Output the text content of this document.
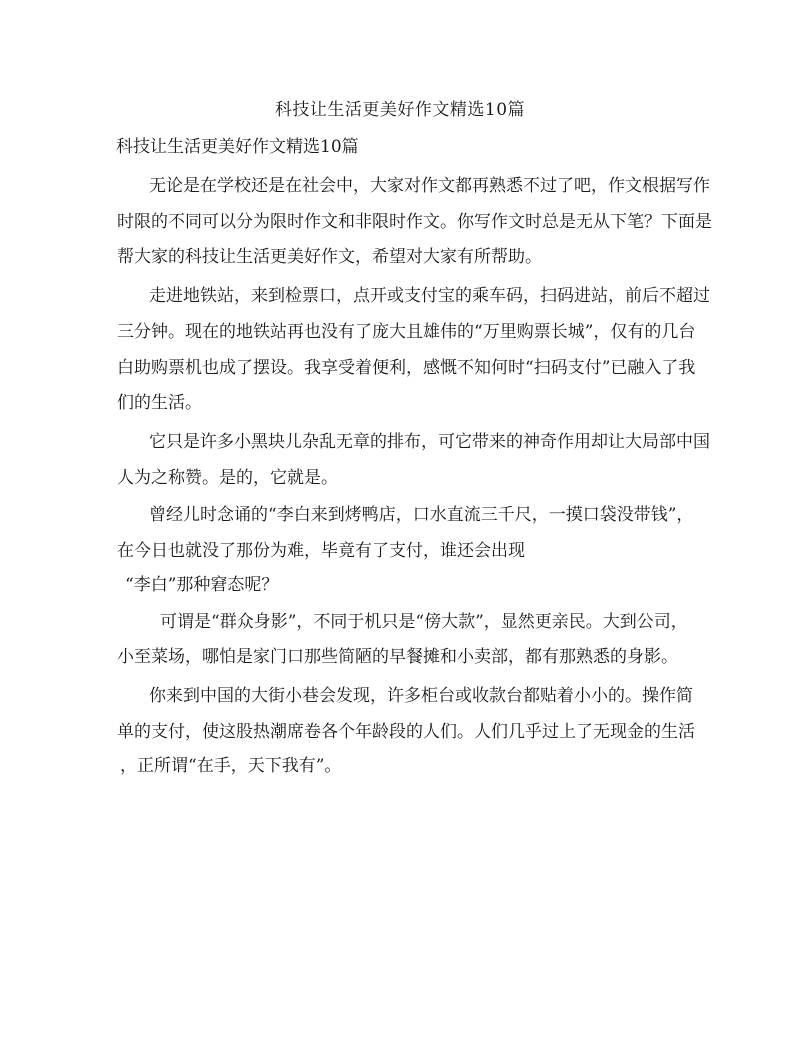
科技让生活更美好作文精选10篇
科技让生活更美好作文精选10篇
无论是在学校还是在社会中，大家对作文都再熟悉不过了吧，作文根据写作
时限的不同可以分为限时作文和非限时作文。你写作文时总是无从下笔？下面是
帮大家的科技让生活更美好作文，希望对大家有所帮助。
走进地铁站，来到检票口，点开或支付宝的乘车码，扫码进站，前后不超过
三分钟。现在的地铁站再也没有了庞大且雄伟的“万里购票长城”，仅有的几台
白助购票机也成了摆设。我享受着便利，感慨不知何时“扫码支付”已融入了我
们的生活。
它只是许多小黑块儿杂乱无章的排布，可它带来的神奇作用却让大局部中国
人为之称赞。是的，它就是。
曾经儿时念诵的“李白来到烤鸭店，口水直流三千尺，一摸口袋没带钱”，
在今日也就没了那份为难，毕竟有了支付，谁还会出现
“李白”那种窘态呢？
可谓是“群众身影”，不同于机只是“傍大款”，显然更亲民。大到公司，
小至菜场，哪怕是家门口那些简陋的早餐摊和小卖部，都有那熟悉的身影。
你来到中国的大街小巷会发现，许多柜台或收款台都贴着小小的。操作简
单的支付，使这股热潮席卷各个年龄段的人们。人们几乎过上了无现金的生活
，正所谓“在手，天下我有”。
